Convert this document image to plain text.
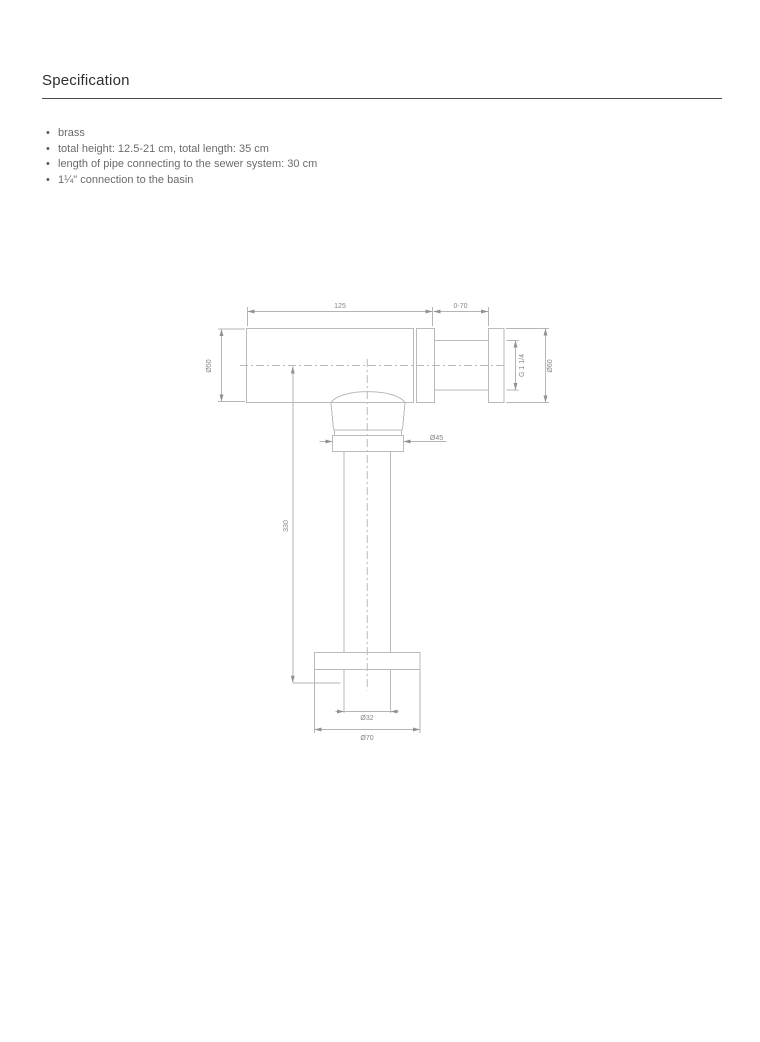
Specification
• brass
• total height: 12.5-21 cm, total length: 35 cm
• length of pipe connecting to the sewer system: 30 cm
• 1¼" connection to the basin
125	0-70
Ø50	G 1 1/4	Ø60
Ø45
330
Ø32
Ø70
